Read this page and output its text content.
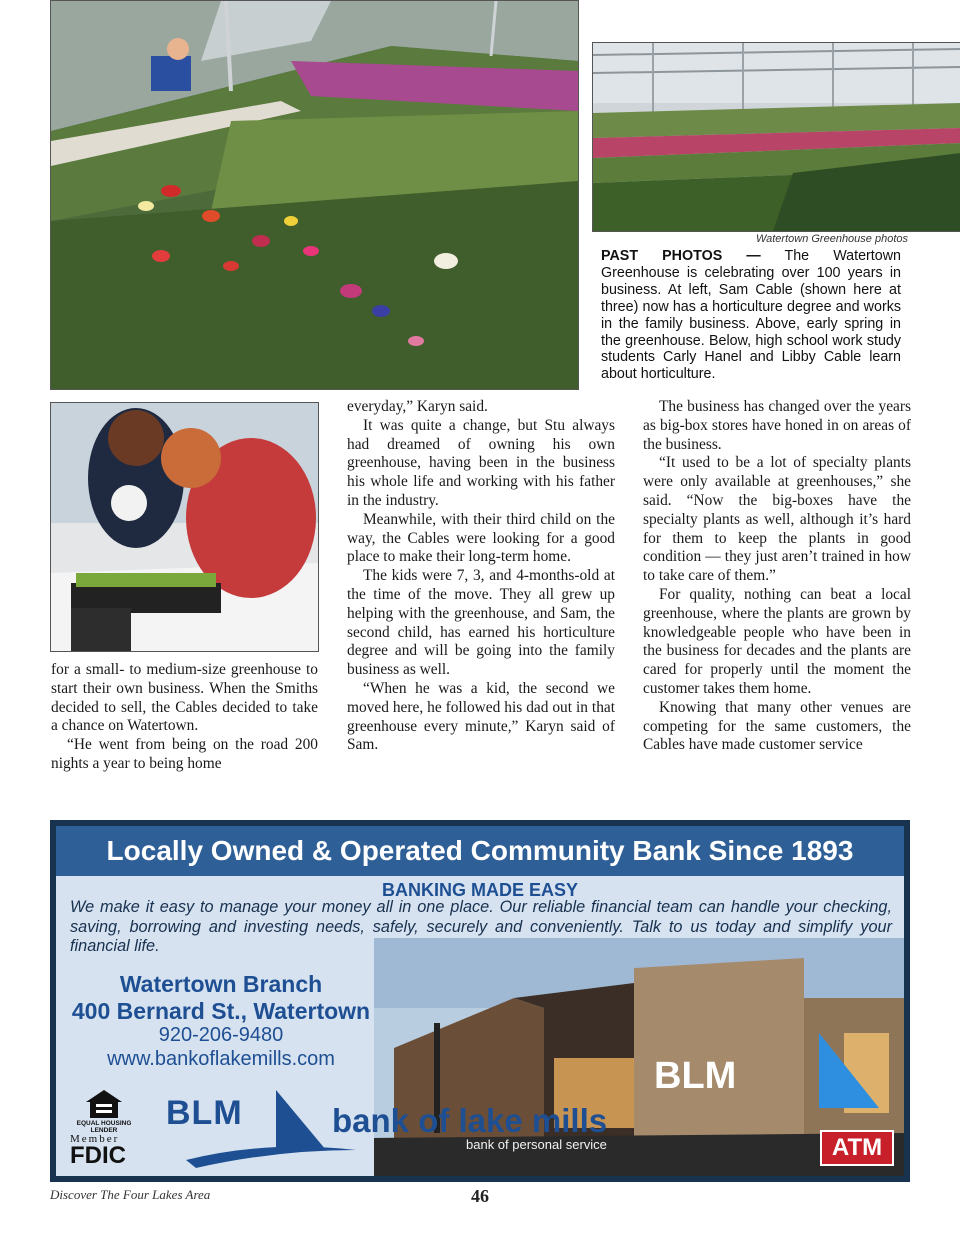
Watertown Greenhouse photos
PAST PHOTOS — The Watertown Greenhouse is celebrating over 100 years in business. At left, Sam Cable (shown here at three) now has a horticulture degree and works in the family business. Above, early spring in the greenhouse. Below, high school work study students Carly Hanel and Libby Cable learn about horticulture.

for a small- to medium-size greenhouse to start their own business. When the Smiths decided to sell, the Cables decided to take a chance on Watertown.

“He went from being on the road 200 nights a year to being home

everyday,” Karyn said.

It was quite a change, but Stu always had dreamed of owning his own greenhouse, having been in the business his whole life and working with his father in the industry.

Meanwhile, with their third child on the way, the Cables were looking for a good place to make their long-term home.

The kids were 7, 3, and 4-months-old at the time of the move. They all grew up helping with the greenhouse, and Sam, the second child, has earned his horticulture degree and will be going into the family business as well.

“When he was a kid, the second we moved here, he followed his dad out in that greenhouse every minute,” Karyn said of Sam.

The business has changed over the years as big-box stores have honed in on areas of the business.

“It used to be a lot of specialty plants were only available at greenhouses,” she said. “Now the big-boxes have the specialty plants as well, although it’s hard for them to keep the plants in good condition — they just aren’t trained in how to take care of them.”

For quality, nothing can beat a local greenhouse, where the plants are grown by knowledgeable people who have been in the business for decades and the plants are cared for properly until the moment the customer takes them home.

Knowing that many other venues are competing for the same customers, the Cables have made customer service

BLM
Locally Owned & Operated Community Bank Since 1893
BANKING MADE EASY
We make it easy to manage your money all in one place. Our reliable financial team can handle your checking, saving, borrowing and investing needs, safely, securely and conveniently. Talk to us today and simplify your financial life.
Watertown Branch
400 Bernard St., Watertown
920-206-9480
www.bankoflakemills.com
EQUAL HOUSING LENDER
Member
FDIC
BLM	bank of lake mills
bank of personal service	ATM
Discover The Four Lakes Area	46
